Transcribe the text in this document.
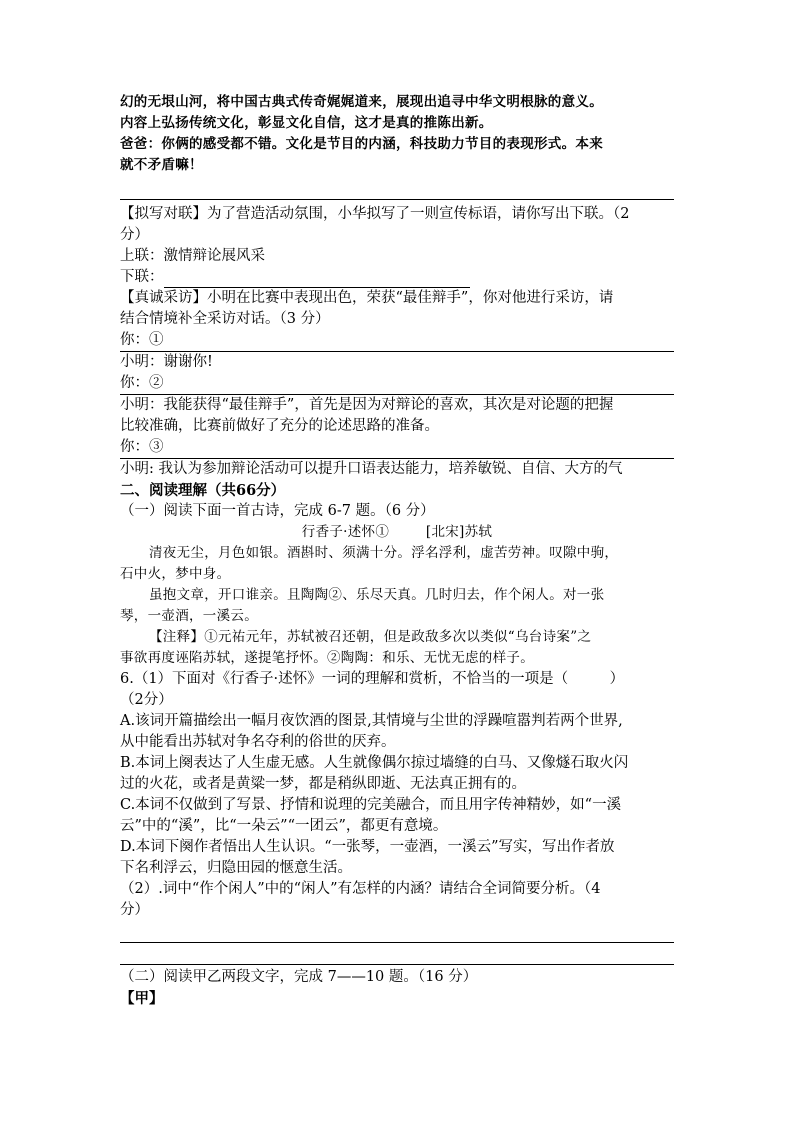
幻的无垠山河，将中国古典式传奇娓娓道来，展现出追寻中华文明根脉的意义。
内容上弘扬传统文化，彰显文化自信，这才是真的推陈出新。
爸爸：你俩的感受都不错。文化是节目的内涵，科技助力节目的表现形式。本来
就不矛盾嘛！
【拟写对联】为了营造活动氛围，小华拟写了一则宣传标语，请你写出下联。（2
分）
上联：激情辩论展风采
下联：
【真诚采访】小明在比赛中表现出色，荣获“最佳辩手”，你对他进行采访，请
结合情境补全采访对话。（3 分）
你：①
小明：谢谢你!
你：②
小明：我能获得“最佳辩手”，首先是因为对辩论的喜欢，其次是对论题的把握
比较准确，比赛前做好了充分的论述思路的准备。
你：③
小明: 我认为参加辩论活动可以提升口语表达能力，培养敏锐、自信、大方的气
二、阅读理解（共66分）
（一）阅读下面一首古诗，完成 6-7 题。（6 分）
行香子·述怀①        [北宋]苏轼
清夜无尘，月色如银。酒斟时、须满十分。浮名浮利，虚苦劳神。叹隙中驹，
石中火，梦中身。
虽抱文章，开口谁亲。且陶陶②、乐尽天真。几时归去，作个闲人。对一张
琴，一壶酒，一溪云。
【注释】①元祐元年，苏轼被召还朝，但是政敌多次以类似“乌台诗案”之
事欲再度诬陷苏轼，遂提笔抒怀。②陶陶：和乐、无忧无虑的样子。
6.（1）下面对《行香子·述怀》一词的理解和赏析，不恰当的一项是（         ）
（2分）
A.该词开篇描绘出一幅月夜饮酒的图景,其情境与尘世的浮躁喧嚣判若两个世界,
从中能看出苏轼对争名夺利的俗世的厌弃。
B.本词上阕表达了人生虚无感。人生就像偶尔掠过墙缝的白马、又像燧石取火闪
过的火花，或者是黄粱一梦，都是稍纵即逝、无法真正拥有的。
C.本词不仅做到了写景、抒情和说理的完美融合，而且用字传神精妙，如“一溪
云”中的“溪”，比“一朵云”“一团云”，都更有意境。
D.本词下阕作者悟出人生认识。“一张琴，一壶酒，一溪云”写实，写出作者放
下名利浮云，归隐田园的惬意生活。
（2）.词中“作个闲人”中的“闲人”有怎样的内涵？请结合全词简要分析。（4
分）
（二）阅读甲乙两段文字，完成 7——10 题。（16 分）
【甲】
